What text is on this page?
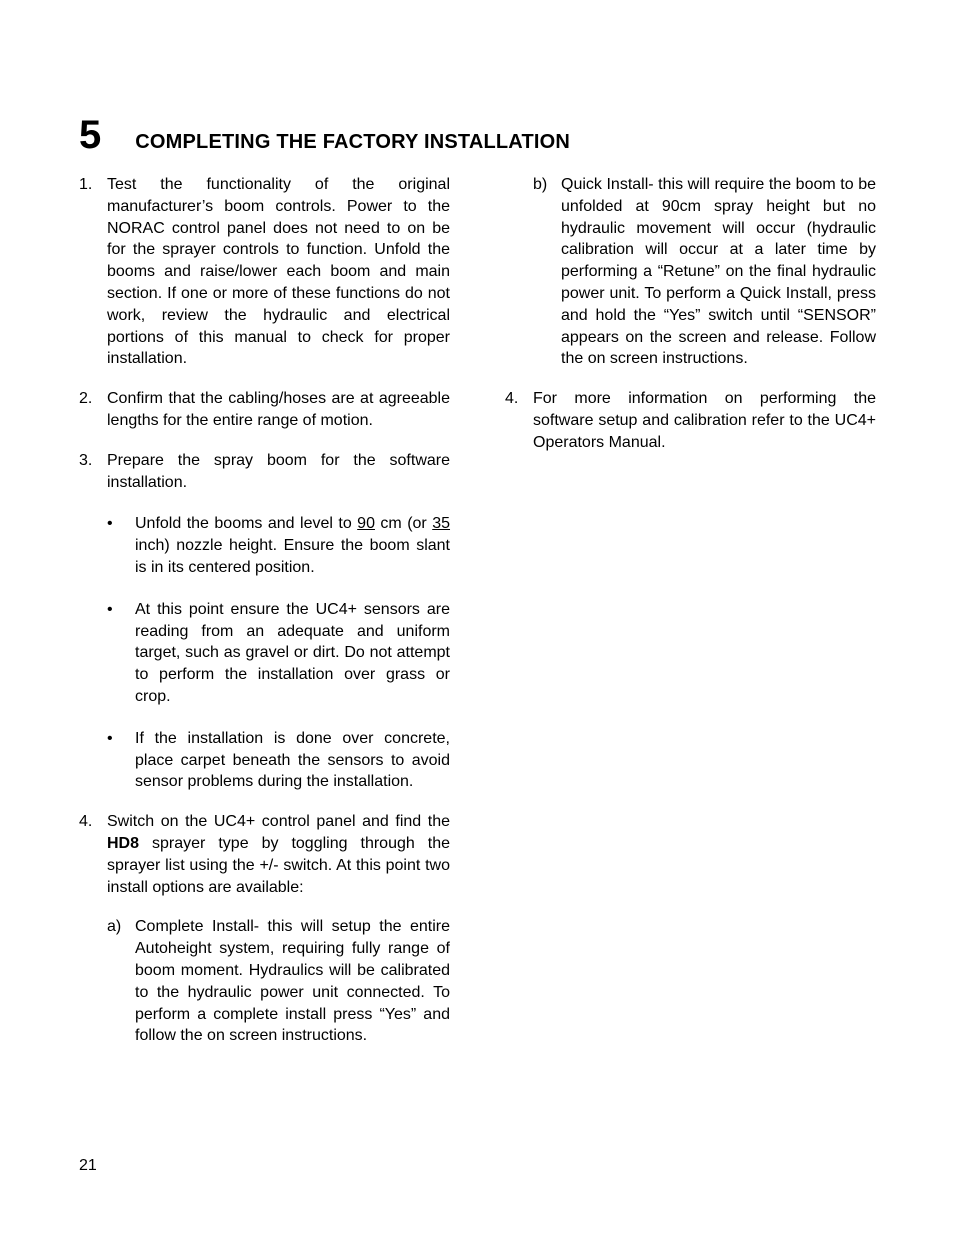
5 COMPLETING THE FACTORY INSTALLATION
1. Test the functionality of the original manufacturer’s boom controls. Power to the NORAC control panel does not need to on be for the sprayer controls to function. Unfold the booms and raise/lower each boom and main section. If one or more of these functions do not work, review the hydraulic and electrical portions of this manual to check for proper installation.
2. Confirm that the cabling/hoses are at agreeable lengths for the entire range of motion.
3. Prepare the spray boom for the software installation.
•	Unfold the booms and level to 90 cm (or 35 inch) nozzle height. Ensure the boom slant is in its centered position.
•	At this point ensure the UC4+ sensors are reading from an adequate and uniform target, such as gravel or dirt. Do not attempt to perform the installation over grass or crop.
•	If the installation is done over concrete, place carpet beneath the sensors to avoid sensor problems during the installation.
4. Switch on the UC4+ control panel and find the HD8 sprayer type by toggling through the sprayer list using the +/- switch. At this point two install options are available:
a) Complete Install- this will setup the entire Autoheight system, requiring fully range of boom moment. Hydraulics will be calibrated to the hydraulic power unit connected. To perform a complete install press “Yes” and follow the on screen instructions.
b) Quick Install- this will require the boom to be unfolded at 90cm spray height but no hydraulic movement will occur (hydraulic calibration will occur at a later time by performing a “Retune” on the final hydraulic power unit. To perform a Quick Install, press and hold the “Yes” switch until “SENSOR” appears on the screen and release. Follow the on screen instructions.
4. For more information on performing the software setup and calibration refer to the UC4+ Operators Manual.
21
